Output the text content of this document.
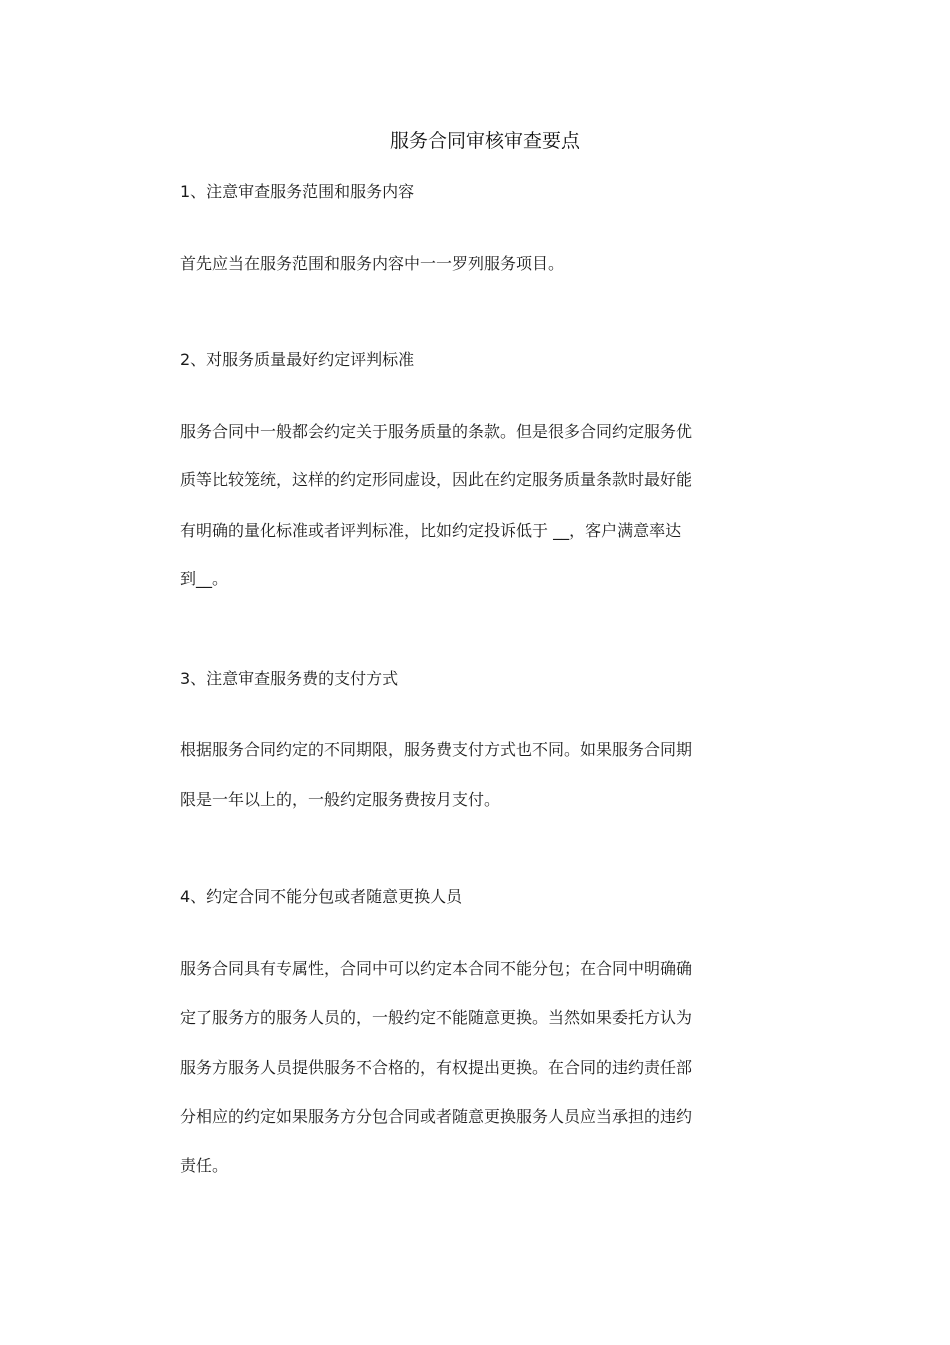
服务合同审核审查要点
1、注意审查服务范围和服务内容
首先应当在服务范围和服务内容中一一罗列服务项目。
2、对服务质量最好约定评判标准
服务合同中一般都会约定关于服务质量的条款。但是很多合同约定服务优
质等比较笼统，这样的约定形同虚设，因此在约定服务质量条款时最好能
有明确的量化标准或者评判标准，比如约定投诉低于 __，客户满意率达
到__。
3、注意审查服务费的支付方式
根据服务合同约定的不同期限，服务费支付方式也不同。如果服务合同期
限是一年以上的，一般约定服务费按月支付。
4、约定合同不能分包或者随意更换人员
服务合同具有专属性，合同中可以约定本合同不能分包；在合同中明确确
定了服务方的服务人员的，一般约定不能随意更换。当然如果委托方认为
服务方服务人员提供服务不合格的，有权提出更换。在合同的违约责任部
分相应的约定如果服务方分包合同或者随意更换服务人员应当承担的违约
责任。
